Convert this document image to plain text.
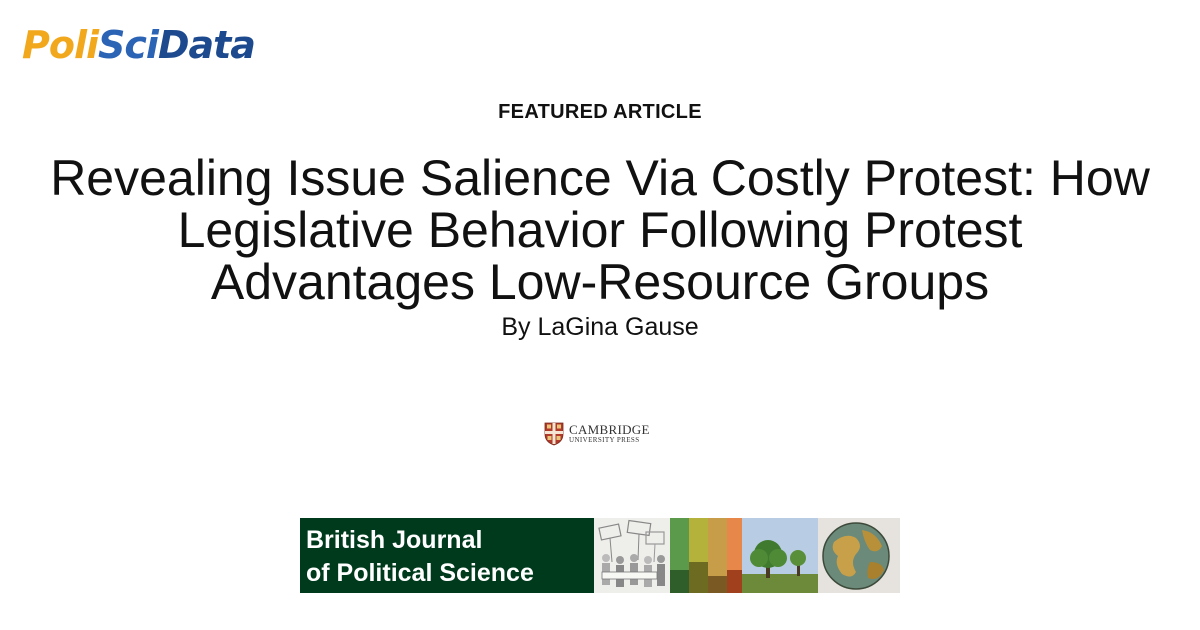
PoliSciData
FEATURED ARTICLE
Revealing Issue Salience Via Costly Protest: How Legislative Behavior Following Protest Advantages Low-Resource Groups
By LaGina Gause
CAMBRIDGE
UNIVERSITY PRESS
British Journal
of Political Science
